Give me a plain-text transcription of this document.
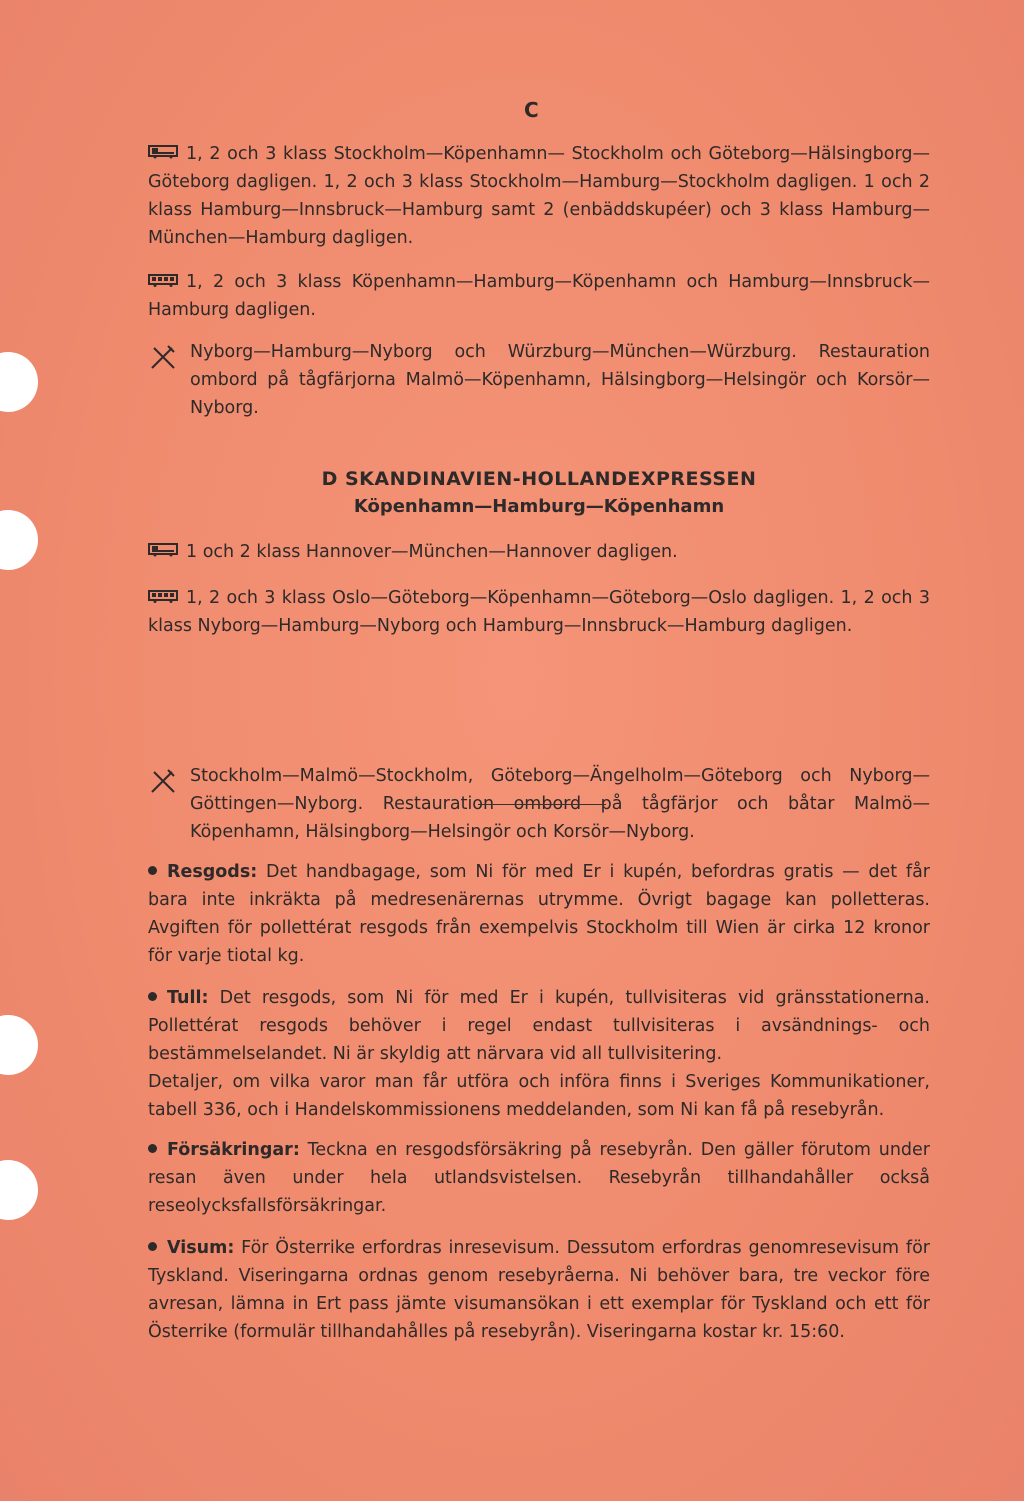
C
1, 2 och 3 klass Stockholm—Köpenhamn— Stockholm och Göteborg—Hälsingborg—Göteborg dagligen. 1, 2 och 3 klass Stockholm—Hamburg—Stockholm dagligen. 1 och 2 klass Hamburg—Innsbruck—Hamburg samt 2 (enbäddskupéer) och 3 klass Hamburg—München—Hamburg dagligen.
1, 2 och 3 klass Köpenhamn—Hamburg—Köpenhamn och Hamburg—Innsbruck—Hamburg dagligen.
Nyborg—Hamburg—Nyborg och Würzburg—München—Würzburg. Restauration ombord på tågfärjorna Malmö—Köpenhamn, Hälsingborg—Helsingör och Korsör—Nyborg.
D SKANDINAVIEN-HOLLANDEXPRESSEN
Köpenhamn—Hamburg—Köpenhamn
1 och 2 klass Hannover—München—Hannover dagligen.
1, 2 och 3 klass Oslo—Göteborg—Köpenhamn—Göteborg—Oslo dagligen. 1, 2 och 3 klass Nyborg—Hamburg—Nyborg och Hamburg—Innsbruck—Hamburg dagligen.
Stockholm—Malmö—Stockholm, Göteborg—Ängelholm—Göteborg och Nyborg—Göttingen—Nyborg. Restauration ombord på tågfärjor och båtar Malmö—Köpenhamn, Hälsingborg—Helsingör och Korsör—Nyborg.
Resgods: Det handbagage, som Ni för med Er i kupén, befordras gratis — det får bara inte inkräkta på medresenärernas utrymme. Övrigt bagage kan polletteras. Avgiften för pollettérat resgods från exempelvis Stockholm till Wien är cirka 12 kronor för varje tiotal kg.
Tull: Det resgods, som Ni för med Er i kupén, tullvisiteras vid gränsstationerna. Pollettérat resgods behöver i regel endast tullvisiteras i avsändnings- och bestämmelselandet. Ni är skyldig att närvara vid all tullvisitering.
Detaljer, om vilka varor man får utföra och införa finns i Sveriges Kommunikationer, tabell 336, och i Handelskommissionens meddelanden, som Ni kan få på resebyrån.
Försäkringar: Teckna en resgodsförsäkring på resebyrån. Den gäller förutom under resan även under hela utlandsvistelsen. Resebyrån tillhandahåller också reseolycksfallsförsäkringar.
Visum: För Österrike erfordras inresevisum. Dessutom erfordras genomresevisum för Tyskland. Viseringarna ordnas genom resebyråerna. Ni behöver bara, tre veckor före avresan, lämna in Ert pass jämte visumansökan i ett exemplar för Tyskland och ett för Österrike (formulär tillhandahålles på resebyrån). Viseringarna kostar kr. 15:60.
